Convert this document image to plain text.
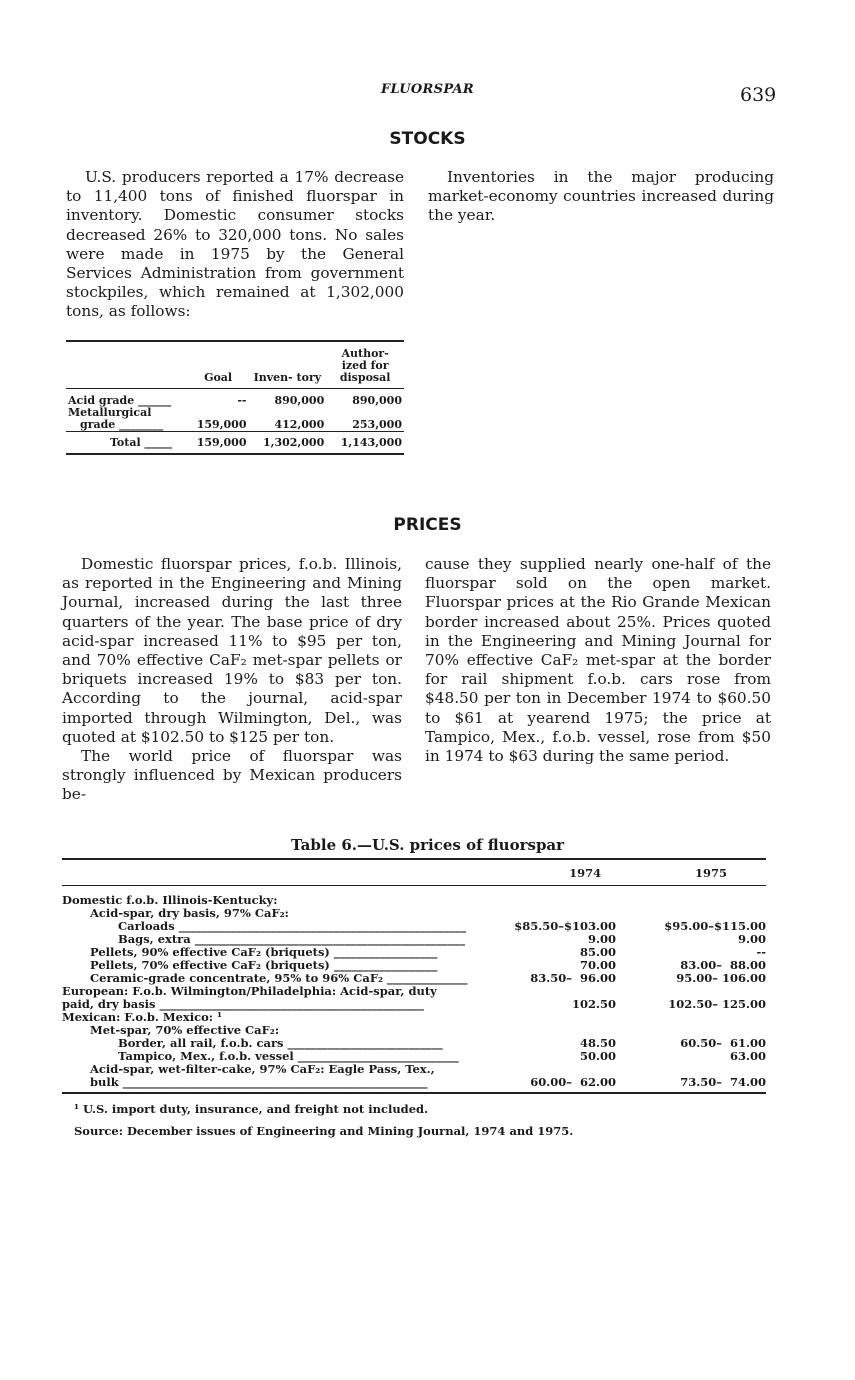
FLUORSPAR	639
STOCKS

U.S. producers reported a 17% decrease to 11,400 tons of finished fluorspar in inventory. Domestic consumer stocks decreased 26% to 320,000 tons. No sales were made in 1975 by the General Services Administration from government stockpiles, which remained at 1,302,000 tons, as follows:

Inventories in the major producing market-economy countries increased during the year.

	Goal	Inven- tory	Author- ized for disposal
Acid grade ______	--	890,000	890,000
Metallurgical			
grade ________	159,000	412,000	253,000
Total _____	159,000	1,302,000	1,143,000
PRICES

Domestic fluorspar prices, f.o.b. Illinois, as reported in the Engineering and Mining Journal, increased during the last three quarters of the year. The base price of dry acid-spar increased 11% to $95 per ton, and 70% effective CaF₂ met-spar pellets or briquets increased 19% to $83 per ton. According to the journal, acid-spar imported through Wilmington, Del., was quoted at $102.50 to $125 per ton.

The world price of fluorspar was strongly influenced by Mexican producers be-

cause they supplied nearly one-half of the fluorspar sold on the open market. Fluorspar prices at the Rio Grande Mexican border increased about 25%. Prices quoted in the Engineering and Mining Journal for 70% effective CaF₂ met-spar at the border for rail shipment f.o.b. cars rose from $48.50 per ton in December 1974 to $60.50 to $61 at yearend 1975; the price at Tampico, Mex., f.o.b. vessel, rose from $50 in 1974 to $63 during the same period.

Table 6.—U.S. prices of fluorspar
	1974	1975
Domestic f.o.b. Illinois-Kentucky:		
Acid-spar, dry basis, 97% CaF₂:		
Carloads __________________________________________________	$85.50–$103.00	$95.00–$115.00
Bags, extra _______________________________________________	9.00	9.00
Pellets, 90% effective CaF₂ (briquets) __________________	85.00	--
Pellets, 70% effective CaF₂ (briquets) __________________	70.00	83.00–  88.00
Ceramic-grade concentrate, 95% to 96% CaF₂ ______________	83.50–  96.00	95.00– 106.00
European: F.o.b. Wilmington/Philadelphia: Acid-spar, duty		
paid, dry basis ______________________________________________	102.50	102.50– 125.00
Mexican: F.o.b. Mexico: ¹		
Met-spar, 70% effective CaF₂:		
Border, all rail, f.o.b. cars ___________________________	48.50	60.50–  61.00
Tampico, Mex., f.o.b. vessel ____________________________	50.00	63.00
Acid-spar, wet-filter-cake, 97% CaF₂: Eagle Pass, Tex.,		
bulk _____________________________________________________	60.00–  62.00	73.50–  74.00
¹ U.S. import duty, insurance, and freight not included.
Source: December issues of Engineering and Mining Journal, 1974 and 1975.
